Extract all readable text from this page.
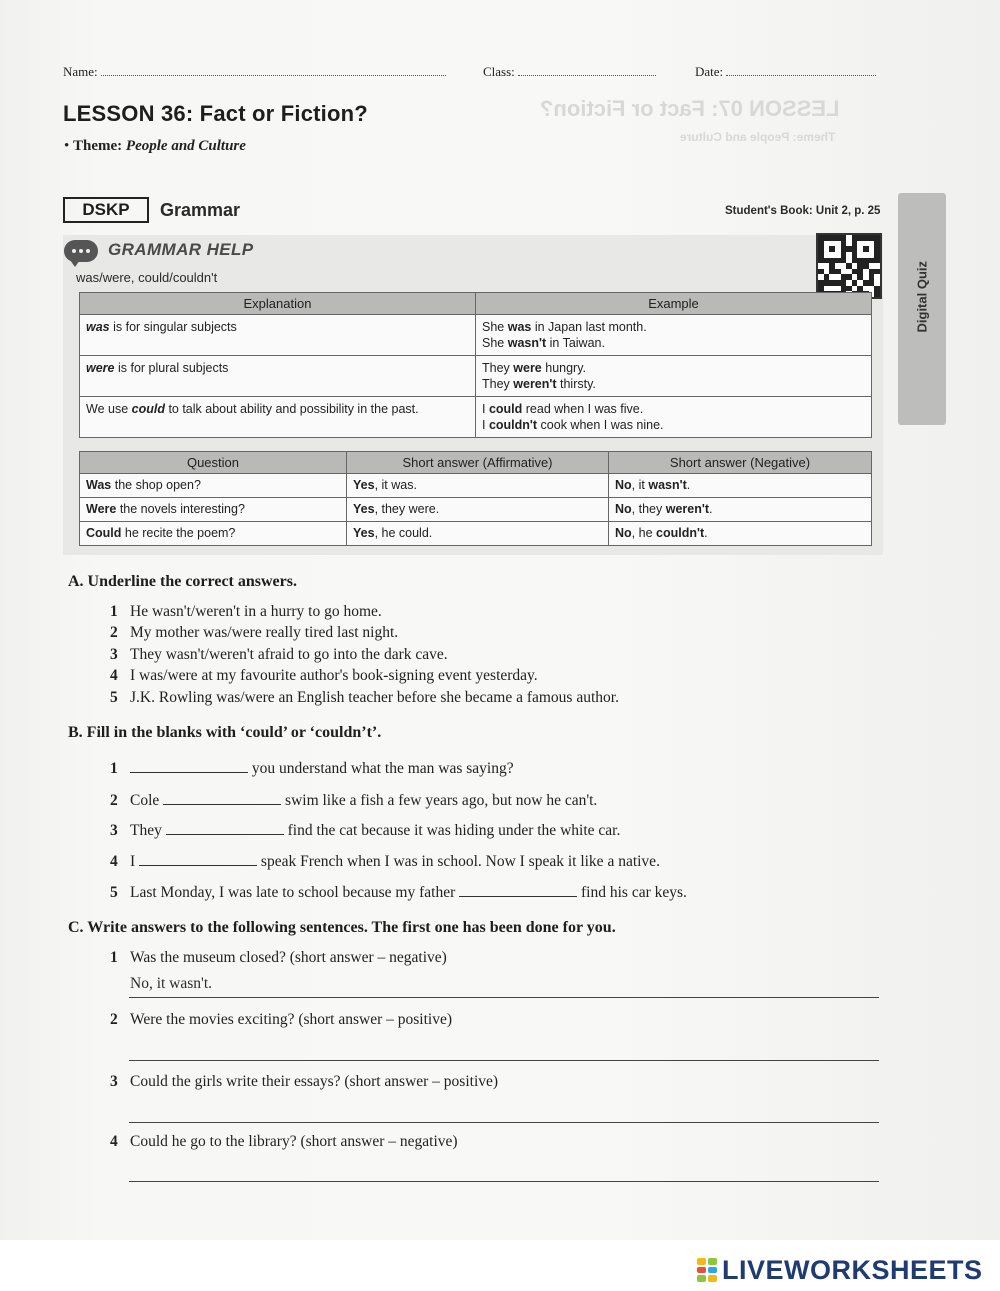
LESSON 07: Fact or Fiction?
Theme: People and Culture
Name:	Class:	Date:
LESSON 36: Fact or Fiction?
• Theme: People and Culture
DSKP	Grammar	Student's Book: Unit 2, p. 25
Digital Quiz
GRAMMAR HELP
was/were, could/couldn't
Explanation	Example
was is for singular subjects	She was in Japan last month.
She wasn't in Taiwan.
were is for plural subjects	They were hungry.
They weren't thirsty.
We use could to talk about ability and possibility in the past.	I could read when I was five.
I couldn't cook when I was nine.
Question	Short answer (Affirmative)	Short answer (Negative)
Was the shop open?	Yes, it was.	No, it wasn't.
Were the novels interesting?	Yes, they were.	No, they weren't.
Could he recite the poem?	Yes, he could.	No, he couldn't.
A. Underline the correct answers.
1 He wasn't/weren't in a hurry to go home.
2 My mother was/were really tired last night.
3 They wasn't/weren't afraid to go into the dark cave.
4 I was/were at my favourite author's book-signing event yesterday.
5 J.K. Rowling was/were an English teacher before she became a famous author.
B. Fill in the blanks with ‘could’ or ‘couldn’t’.
1	you understand what the man was saying?
2 Cole	swim like a fish a few years ago, but now he can't.
3 They	find the cat because it was hiding under the white car.
4 I	speak French when I was in school. Now I speak it like a native.
5 Last Monday, I was late to school because my father	find his car keys.
C. Write answers to the following sentences. The first one has been done for you.
1 Was the museum closed? (short answer – negative)
No, it wasn't.
2 Were the movies exciting? (short answer – positive)
3 Could the girls write their essays? (short answer – positive)
4 Could he go to the library? (short answer – negative)
LIVEWORKSHEETS
